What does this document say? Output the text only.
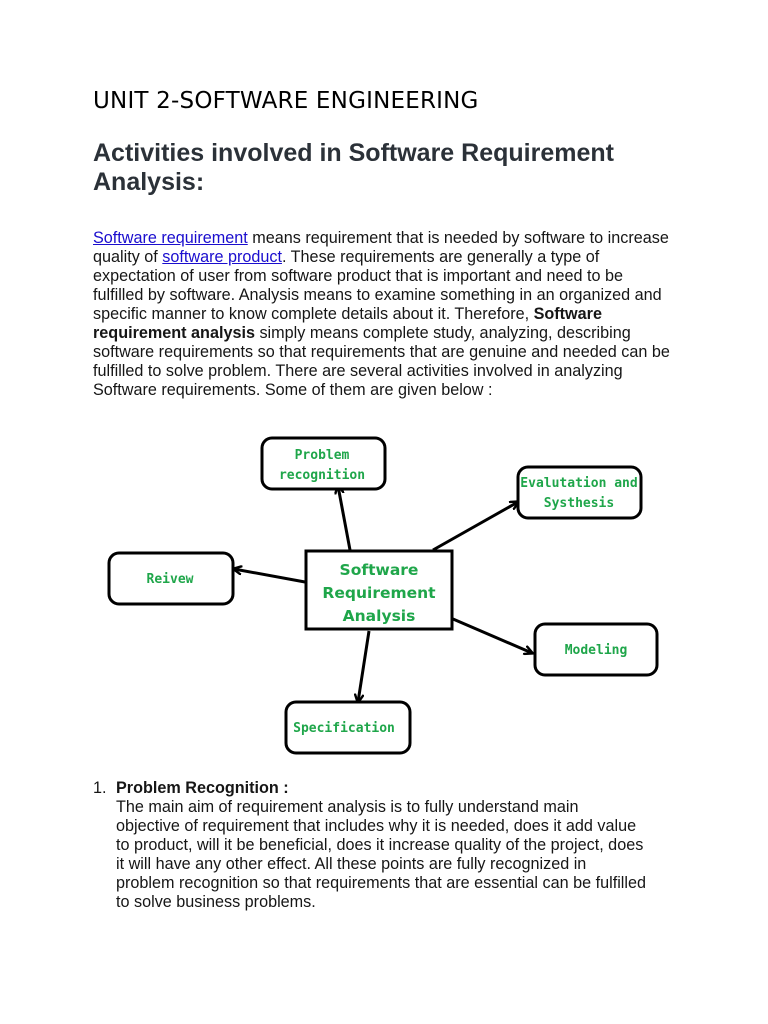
UNIT 2-SOFTWARE ENGINEERING
Activities involved in Software Requirement Analysis:

Software requirement means requirement that is needed by software to increase quality of software product. These requirements are generally a type of expectation of user from software product that is important and need to be fulfilled by software. Analysis means to examine something in an organized and specific manner to know complete details about it. Therefore, Software requirement analysis simply means complete study, analyzing, describing software requirements so that requirements that are genuine and needed can be fulfilled to solve problem. There are several activities involved in analyzing Software requirements. Some of them are given below :

Software
Requirement
Analysis
Problem
recognition
Evalutation and
Systhesis
Reivew
Modeling
Specification
1. Problem Recognition :
The main aim of requirement analysis is to fully understand main objective of requirement that includes why it is needed, does it add value to product, will it be beneficial, does it increase quality of the project, does it will have any other effect. All these points are fully recognized in problem recognition so that requirements that are essential can be fulfilled to solve business problems.
